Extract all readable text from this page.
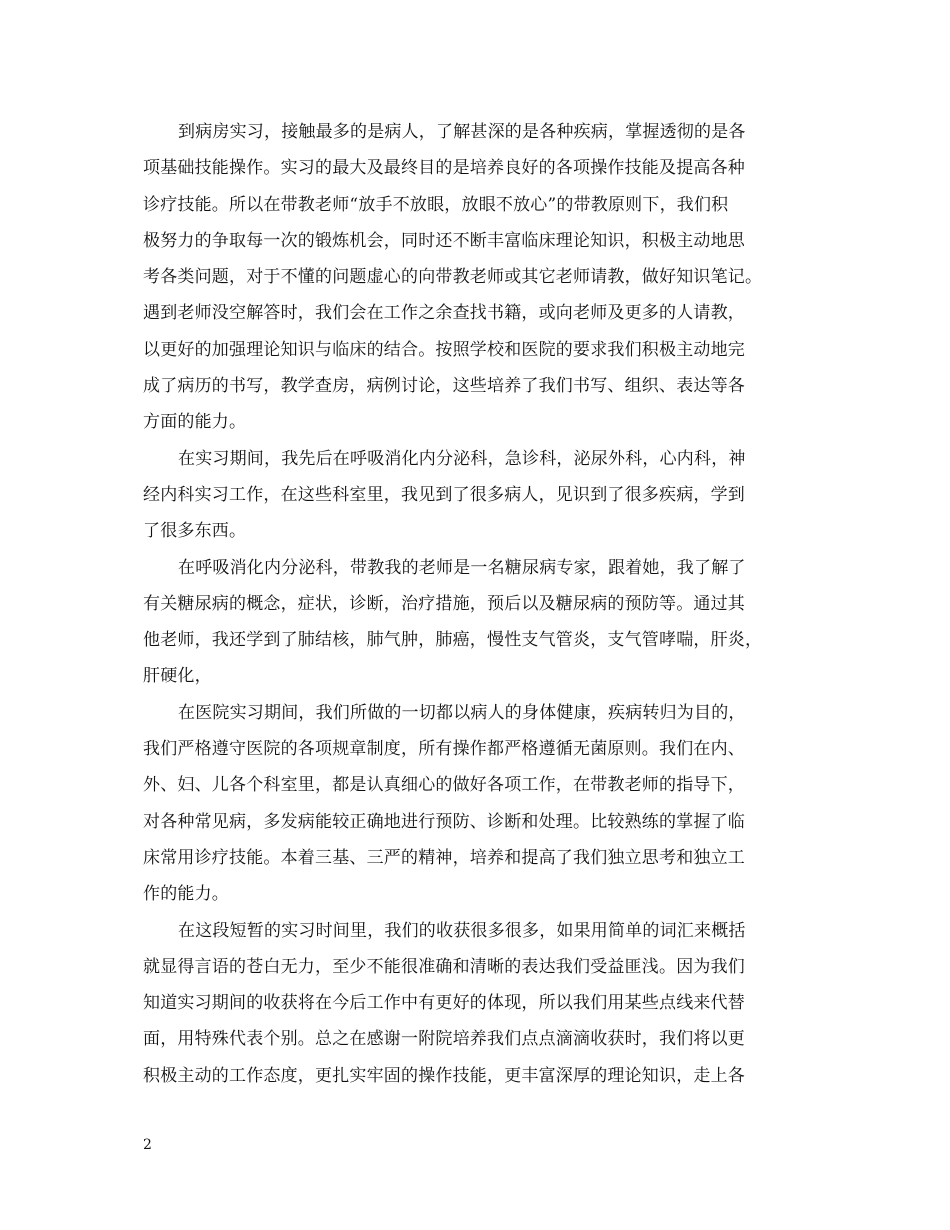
到病房实习，接触最多的是病人，了解甚深的是各种疾病，掌握透彻的是各
项基础技能操作。实习的最大及最终目的是培养良好的各项操作技能及提高各种
诊疗技能。所以在带教老师“放手不放眼，放眼不放心”的带教原则下，我们积
极努力的争取每一次的锻炼机会，同时还不断丰富临床理论知识，积极主动地思
考各类问题，对于不懂的问题虚心的向带教老师或其它老师请教，做好知识笔记。
遇到老师没空解答时，我们会在工作之余查找书籍，或向老师及更多的人请教，
以更好的加强理论知识与临床的结合。按照学校和医院的要求我们积极主动地完
成了病历的书写，教学查房，病例讨论，这些培养了我们书写、组织、表达等各
方面的能力。

在实习期间，我先后在呼吸消化内分泌科，急诊科，泌尿外科，心内科，神
经内科实习工作，在这些科室里，我见到了很多病人，见识到了很多疾病，学到
了很多东西。

在呼吸消化内分泌科，带教我的老师是一名糖尿病专家，跟着她，我了解了
有关糖尿病的概念，症状，诊断，治疗措施，预后以及糖尿病的预防等。通过其
他老师，我还学到了肺结核，肺气肿，肺癌，慢性支气管炎，支气管哮喘，肝炎，
肝硬化，

在医院实习期间，我们所做的一切都以病人的身体健康，疾病转归为目的，
我们严格遵守医院的各项规章制度，所有操作都严格遵循无菌原则。我们在内、
外、妇、儿各个科室里，都是认真细心的做好各项工作，在带教老师的指导下，
对各种常见病，多发病能较正确地进行预防、诊断和处理。比较熟练的掌握了临
床常用诊疗技能。本着三基、三严的精神，培养和提高了我们独立思考和独立工
作的能力。

在这段短暂的实习时间里，我们的收获很多很多，如果用简单的词汇来概括
就显得言语的苍白无力，至少不能很准确和清晰的表达我们受益匪浅。因为我们
知道实习期间的收获将在今后工作中有更好的体现，所以我们用某些点线来代替
面，用特殊代表个别。总之在感谢一附院培养我们点点滴滴收获时，我们将以更
积极主动的工作态度，更扎实牢固的操作技能，更丰富深厚的理论知识，走上各

2
